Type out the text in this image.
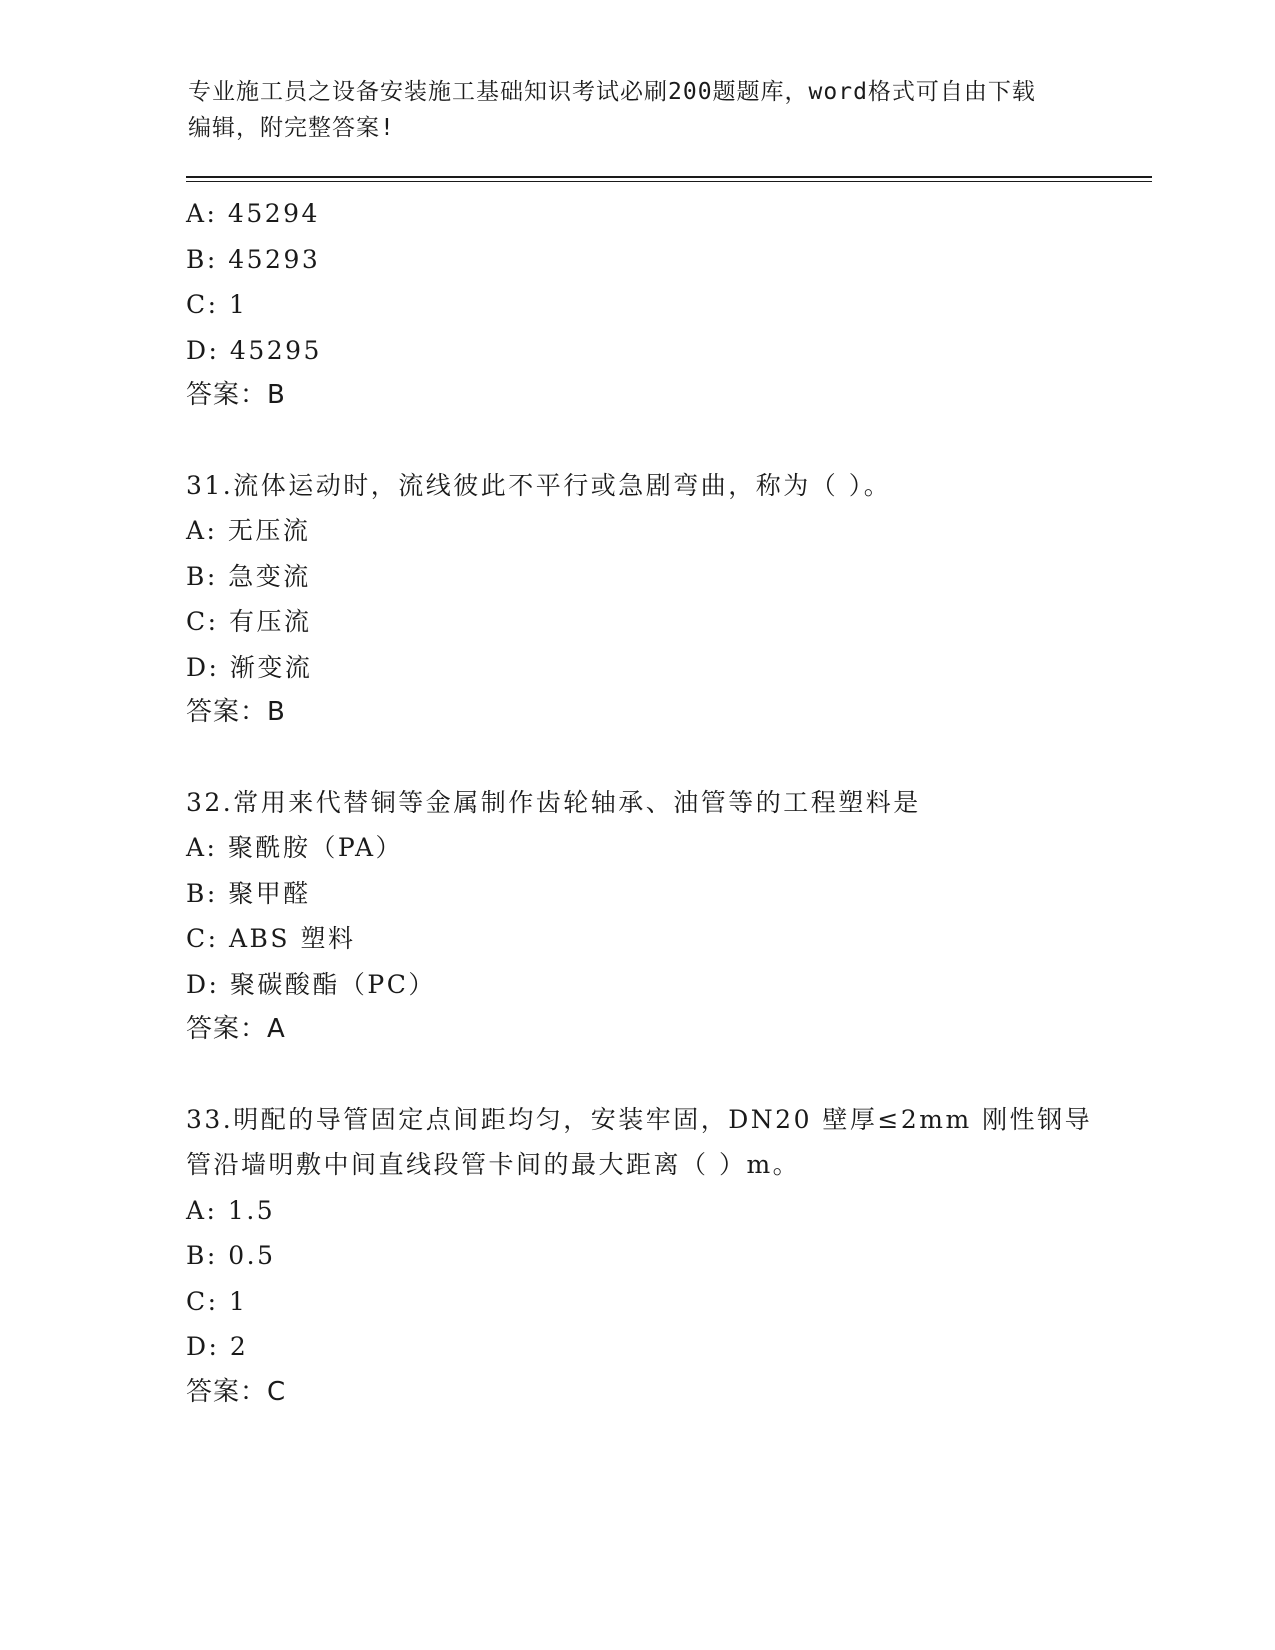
专业施工员之设备安装施工基础知识考试必刷200题题库，word格式可自由下载
编辑，附完整答案!
A: 45294
B: 45293
C: 1
D: 45295
答案：B
31.流体运动时，流线彼此不平行或急剧弯曲，称为（ ）。
A: 无压流
B: 急变流
C: 有压流
D: 渐变流
答案：B
32.常用来代替铜等金属制作齿轮轴承、油管等的工程塑料是
A: 聚酰胺（PA）
B: 聚甲醛
C: ABS 塑料
D: 聚碳酸酯（PC）
答案：A
33.明配的导管固定点间距均匀，安装牢固，DN20 壁厚≤2mm 刚性钢导
管沿墙明敷中间直线段管卡间的最大距离（ ）m。
A: 1.5
B: 0.5
C: 1
D: 2
答案：C
